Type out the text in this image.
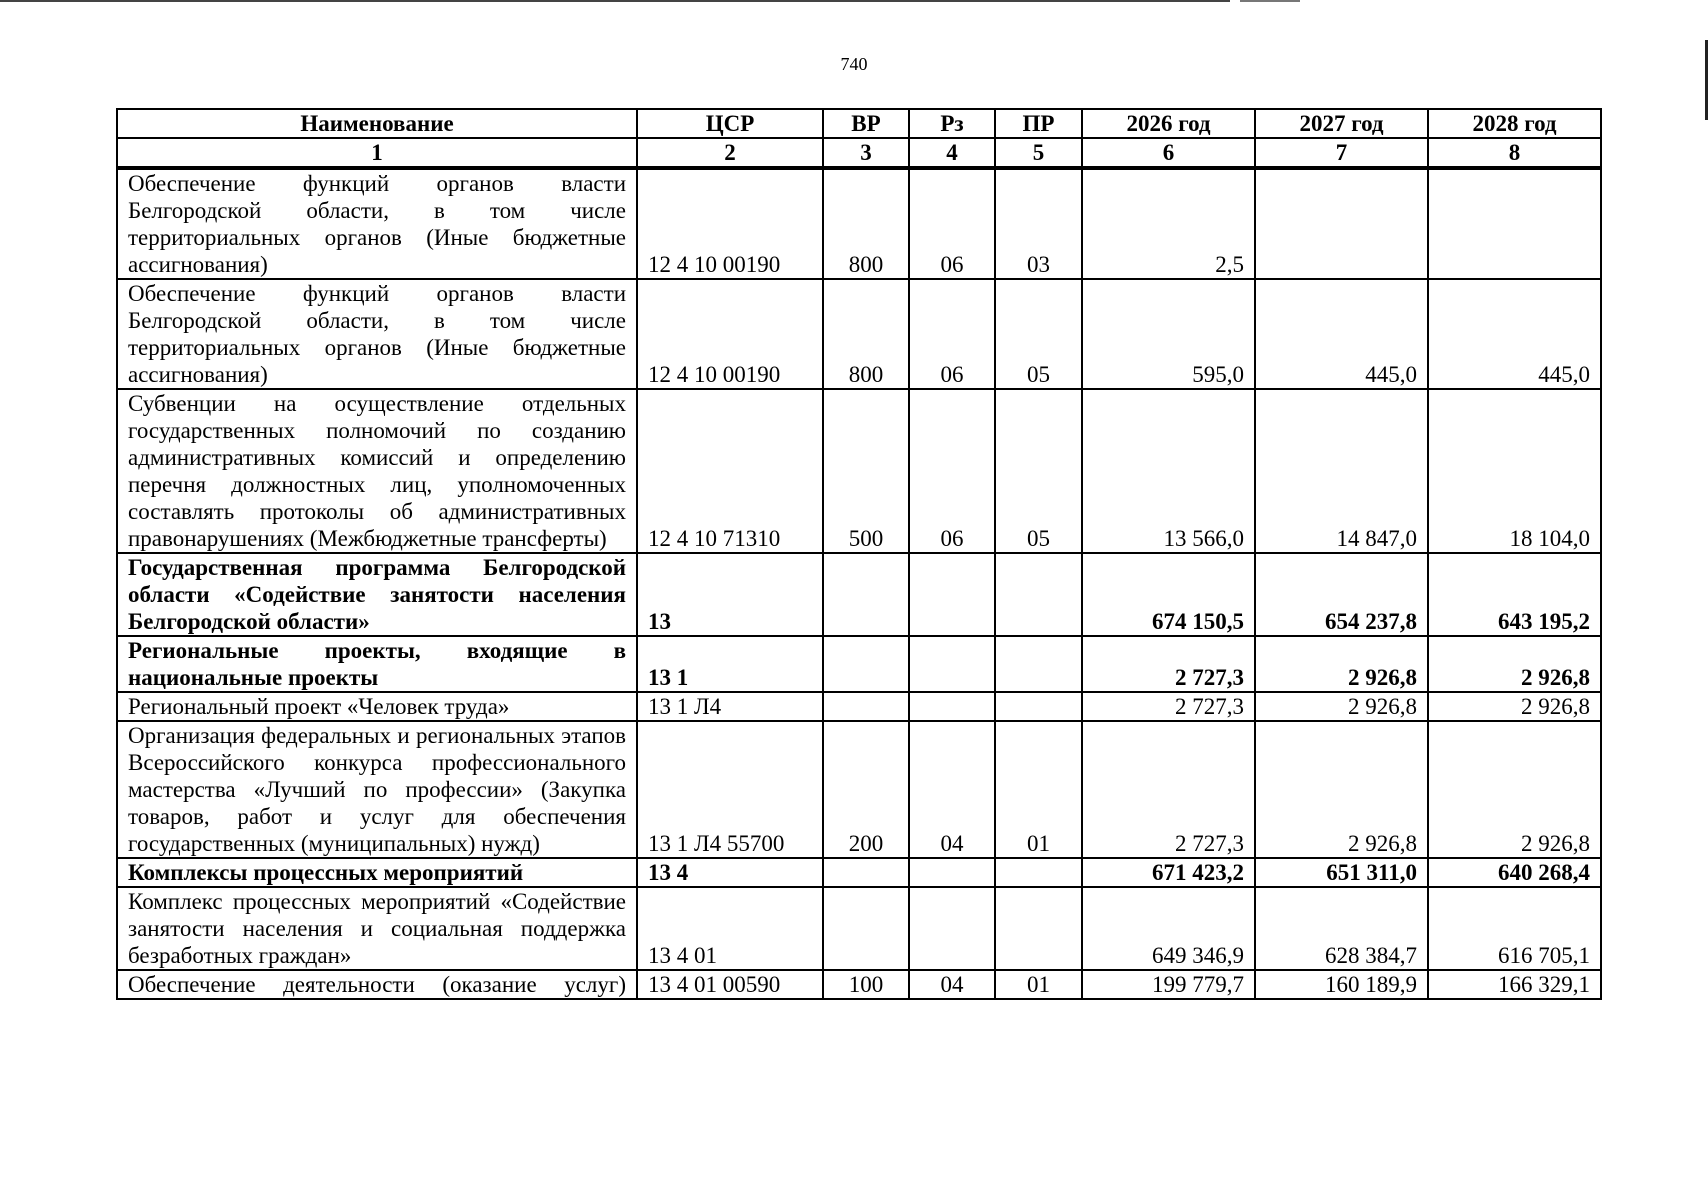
740
Наименование	ЦСР	ВР	Рз	ПР	2026 год	2027 год	2028 год
1	2	3	4	5	6	7	8
Обеспечение функций органов власти Белгородской области, в том числе территориальных органов (Иные бюджетные ассигнования)	12 4 10 00190	800	06	03	2,5		
Обеспечение функций органов власти Белгородской области, в том числе территориальных органов (Иные бюджетные ассигнования)	12 4 10 00190	800	06	05	595,0	445,0	445,0
Субвенции на осуществление отдельных государственных полномочий по созданию административных комиссий и определению перечня должностных лиц, уполномоченных составлять протоколы об административных правонарушениях (Межбюджетные трансферты)	12 4 10 71310	500	06	05	13 566,0	14 847,0	18 104,0
Государственная программа Белгородской области «Содействие занятости населения Белгородской области»	13				674 150,5	654 237,8	643 195,2
Региональные проекты, входящие в национальные проекты	13 1				2 727,3	2 926,8	2 926,8
Региональный проект «Человек труда»	13 1 Л4				2 727,3	2 926,8	2 926,8
Организация федеральных и региональных этапов Всероссийского конкурса профессионального мастерства «Лучший по профессии» (Закупка товаров, работ и услуг для обеспечения государственных (муниципальных) нужд)	13 1 Л4 55700	200	04	01	2 727,3	2 926,8	2 926,8
Комплексы процессных мероприятий	13 4				671 423,2	651 311,0	640 268,4
Комплекс процессных мероприятий «Содействие занятости населения и социальная поддержка безработных граждан»	13 4 01				649 346,9	628 384,7	616 705,1
Обеспечение деятельности (оказание услуг)	13 4 01 00590	100	04	01	199 779,7	160 189,9	166 329,1
